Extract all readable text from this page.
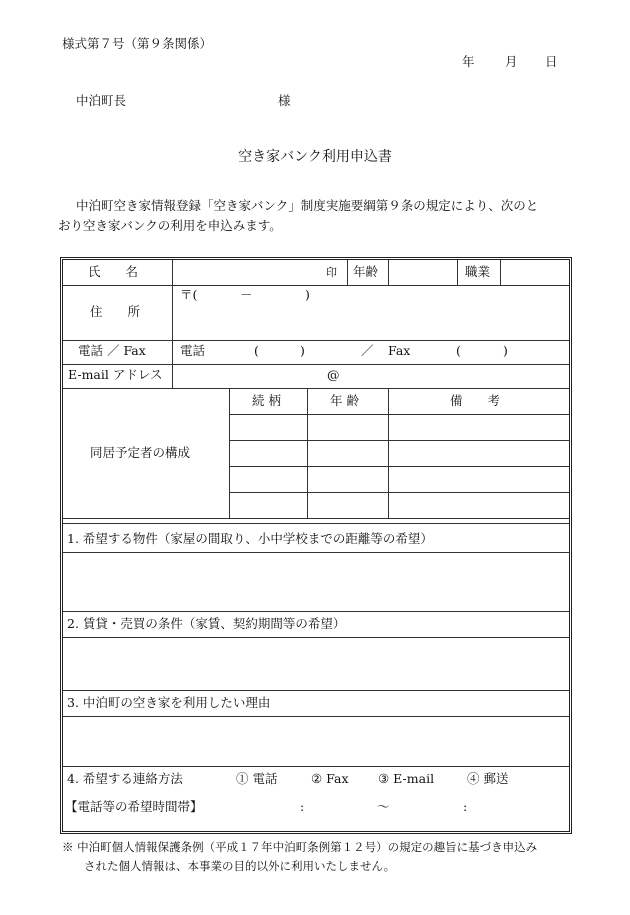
様式第７号（第９条関係）
年 月 日
中泊町長	様
空き家バンク利用申込書
中泊町空き家情報登録「空き家バンク」制度実施要綱第９条の規定により、次のと
おり空き家バンクの利用を申込みます。
氏　　名	印 年齢	職業
住　　所
〒(	－	)
電話 ／ Fax	電話	(	)	／ Fax	(	)
E-mail アドレス	@
同居予定者の構成
続 柄	年 齢	備　　考
1. 希望する物件（家屋の間取り、小中学校までの距離等の希望）
2. 賃貸・売買の条件（家賃、契約期間等の希望）
3. 中泊町の空き家を利用したい理由
4. 希望する連絡方法	① 電話	② Fax ③ E-mail	④ 郵送
【電話等の希望時間帯】	:	〜	:
※ 中泊町個人情報保護条例（平成１７年中泊町条例第１２号）の規定の趣旨に基づき申込み
された個人情報は、本事業の目的以外に利用いたしません。
